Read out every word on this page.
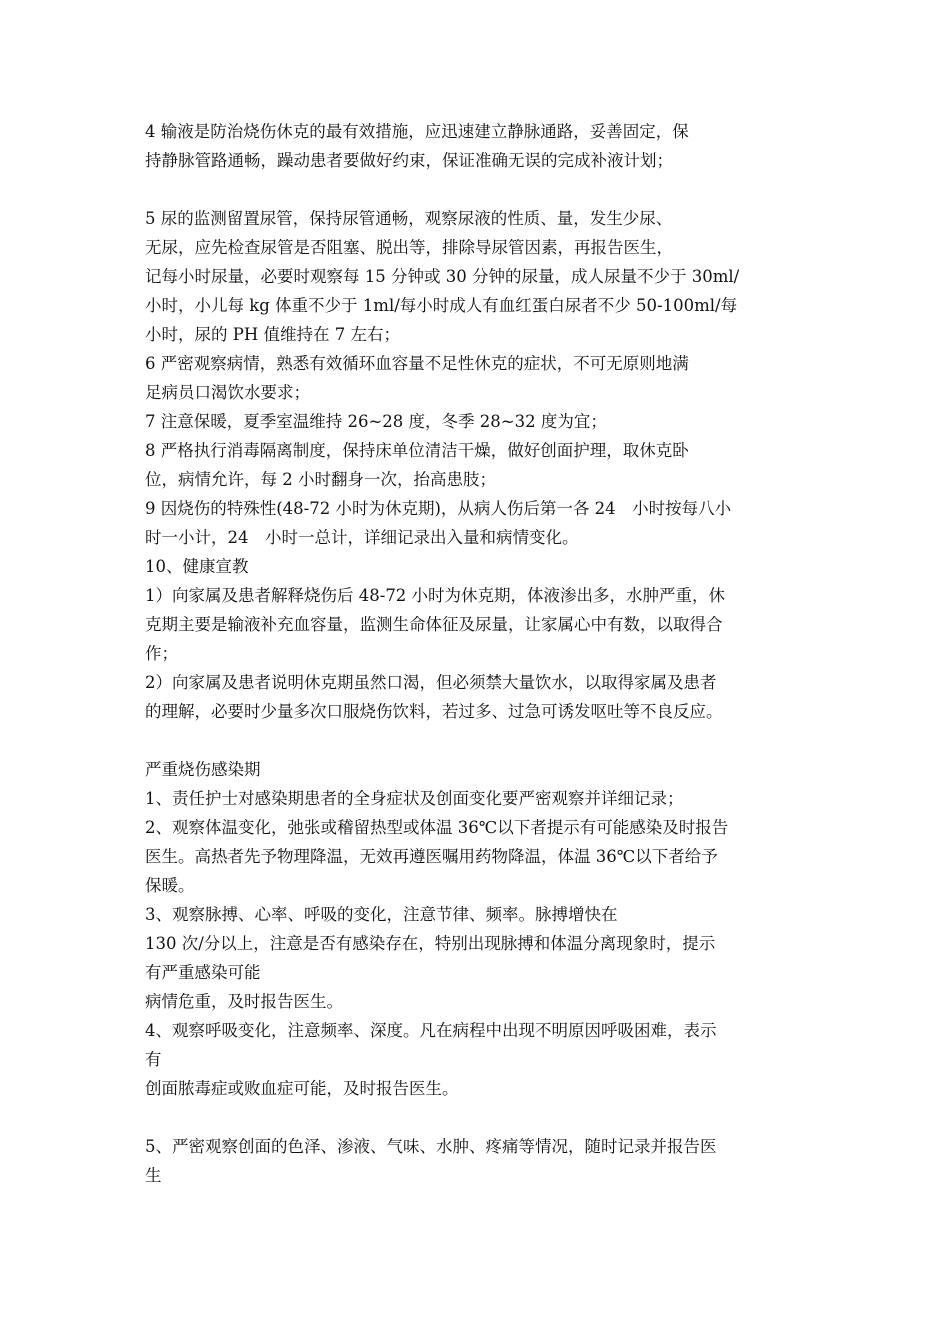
4 输液是防治烧伤休克的最有效措施，应迅速建立静脉通路，妥善固定，保
持静脉管路通畅，躁动患者要做好约束，保证准确无误的完成补液计划；
5 尿的监测留置尿管，保持尿管通畅，观察尿液的性质、量，发生少尿、
无尿，应先检查尿管是否阻塞、脱出等，排除导尿管因素，再报告医生，
记每小时尿量，必要时观察每 15 分钟或 30 分钟的尿量，成人尿量不少于 30ml/
小时，小儿每 kg 体重不少于 1ml/每小时成人有血红蛋白尿者不少 50-100ml/每
小时，尿的 PH 值维持在 7 左右；
6 严密观察病情，熟悉有效循环血容量不足性休克的症状，不可无原则地满
足病员口渴饮水要求；
7 注意保暖，夏季室温维持 26~28 度，冬季 28~32 度为宜；
8 严格执行消毒隔离制度，保持床单位清洁干燥，做好创面护理，取休克卧
位，病情允许，每 2 小时翻身一次，抬高患肢；
9 因烧伤的特殊性(48-72 小时为休克期)，从病人伤后第一各 24　小时按每八小
时一小计，24　小时一总计，详细记录出入量和病情变化。
10、健康宣教
1）向家属及患者解释烧伤后 48-72 小时为休克期，体液渗出多，水肿严重，休
克期主要是输液补充血容量，监测生命体征及尿量，让家属心中有数，以取得合
作；
2）向家属及患者说明休克期虽然口渴，但必须禁大量饮水，以取得家属及患者
的理解，必要时少量多次口服烧伤饮料，若过多、过急可诱发呕吐等不良反应。
严重烧伤感染期
1、责任护士对感染期患者的全身症状及创面变化要严密观察并详细记录；
2、观察体温变化，弛张或稽留热型或体温 36℃以下者提示有可能感染及时报告
医生。高热者先予物理降温，无效再遵医嘱用药物降温，体温 36℃以下者给予
保暖。
3、观察脉搏、心率、呼吸的变化，注意节律、频率。脉搏增快在
130 次/分以上，注意是否有感染存在，特别出现脉搏和体温分离现象时，提示
有严重感染可能
病情危重，及时报告医生。
4、观察呼吸变化，注意频率、深度。凡在病程中出现不明原因呼吸困难，表示
有
创面脓毒症或败血症可能，及时报告医生。
5、严密观察创面的色泽、渗液、气味、水肿、疼痛等情况，随时记录并报告医
生
